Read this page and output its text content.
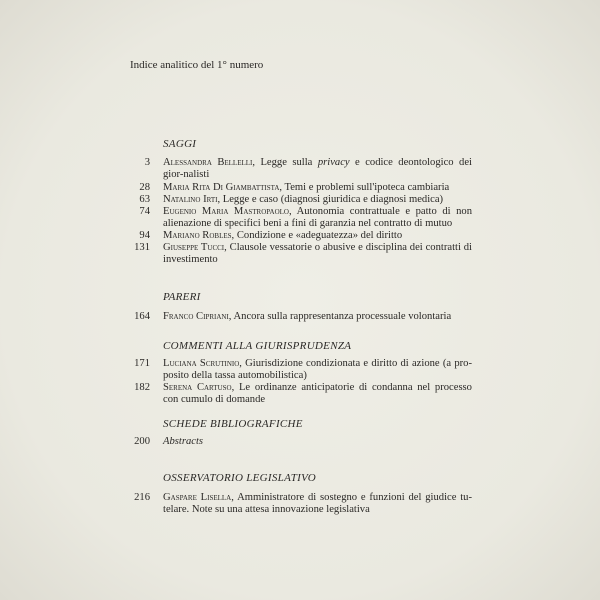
Indice analitico del 1° numero
SAGGI
3 Alessandra Bellelli, Legge sulla privacy e codice deontologico dei gior-nalisti
28 Maria Rita Di Giambattista, Temi e problemi sull'ipoteca cambiaria
63 Natalino Irti, Legge e caso (diagnosi giuridica e diagnosi medica)
74 Eugenio Maria Mastropaolo, Autonomia contrattuale e patto di non alienazione di specifici beni a fini di garanzia nel contratto di mutuo
94 Mariano Robles, Condizione e «adeguatezza» del diritto
131 Giuseppe Tucci, Clausole vessatorie o abusive e disciplina dei contratti di investimento
PARERI
164 Franco Cipriani, Ancora sulla rappresentanza processuale volontaria
COMMENTI ALLA GIURISPRUDENZA
171 Luciana Scrutinio, Giurisdizione condizionata e diritto di azione (a pro-posito della tassa automobilistica)
182 Serena Cartuso, Le ordinanze anticipatorie di condanna nel processo con cumulo di domande
SCHEDE BIBLIOGRAFICHE
200 Abstracts
OSSERVATORIO LEGISLATIVO
216 Gaspare Lisella, Amministratore di sostegno e funzioni del giudice tu-telare. Note su una attesa innovazione legislativa
